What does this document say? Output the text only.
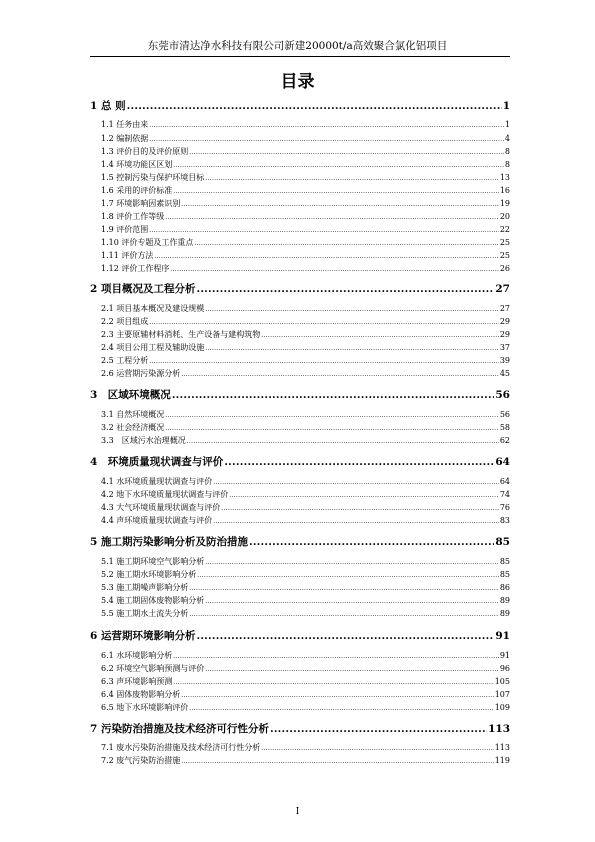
东莞市清达净水科技有限公司新建20000t/a高效聚合氯化铝项目
目录
1 总 则 .....	1
1.1 任务由来 .....	1
1.2 编制依据 .....	4
1.3 评价目的及评价原则 .....	8
1.4 环境功能区区划 .....	8
1.5 控制污染与保护环境目标 .....	13
1.6 采用的评价标准 .....	16
1.7 环境影响因素识别 .....	19
1.8 评价工作等级 .....	20
1.9 评价范围 .....	22
1.10 评价专题及工作重点 .....	25
1.11 评价方法 .....	25
1.12 评价工作程序 .....	26
2 项目概况及工程分析 .....	27
2.1 项目基本概况及建设规模 .....	27
2.2 项目组成 .....	29
2.3 主要原辅材料消耗、生产设备与建构筑物 .....	29
2.4 项目公用工程及辅助设施 .....	37
2.5 工程分析 .....	39
2.6 运营期污染源分析 .....	45
3　区域环境概况 .....	56
3.1 自然环境概况 .....	56
3.2 社会经济概况 .....	58
3.3　区域污水治理概况 .....	62
4　环境质量现状调查与评价 .....	64
4.1 水环境质量现状调查与评价 .....	64
4.2 地下水环境质量现状调查与评价 .....	74
4.3 大气环境质量现状调查与评价 .....	76
4.4 声环境质量现状调查与评价 .....	83
5 施工期污染影响分析及防治措施 .....	85
5.1 施工期环境空气影响分析 .....	85
5.2 施工期水环境影响分析 .....	85
5.3 施工期噪声影响分析 .....	86
5.4 施工期固体废物影响分析 .....	89
5.5 施工期水土流失分析 .....	89
6 运营期环境影响分析 .....	91
6.1 水环境影响分析 .....	91
6.2 环境空气影响预测与评价 .....	96
6.3 声环境影响预测 .....	105
6.4 固体废物影响分析 .....	107
6.5 地下水环境影响评价 .....	109
7 污染防治措施及技术经济可行性分析 .....	113
7.1 废水污染防治措施及技术经济可行性分析 .....	113
7.2 废气污染防治措施 .....	119
I
